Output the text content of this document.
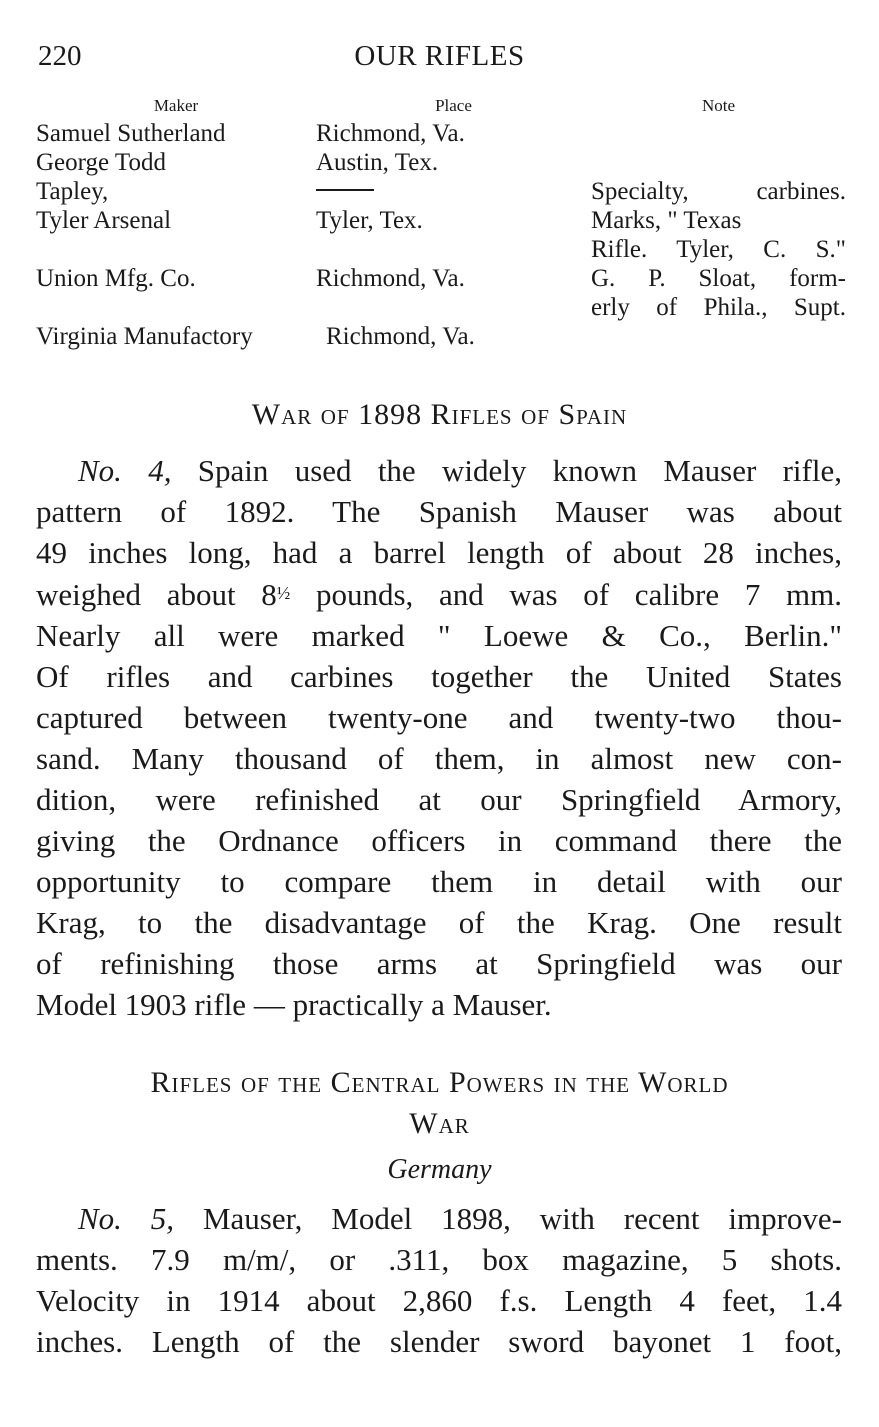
220	OUR RIFLES
Maker	Place	Note
Samuel Sutherland	Richmond, Va.	
George Todd	Austin, Tex.	
Tapley,		Specialty, carbines.

Tyler Arsenal	Tyler, Tex.	Marks, " Texas
Rifle. Tyler, C. S."

Union Mfg. Co.	Richmond, Va.	G. P. Sloat, form-
erly of Phila., Supt.

Virginia Manufactory	Richmond, Va.	
War of 1898 Rifles of Spain

No. 4, Spain used the widely known Mauser rifle,
pattern of 1892. The Spanish Mauser was about
49 inches long, had a barrel length of about 28 inches,
weighed about 8½ pounds, and was of calibre 7 mm.
Nearly all were marked " Loewe & Co., Berlin."
Of rifles and carbines together the United States
captured between twenty-one and twenty-two thou-
sand. Many thousand of them, in almost new con-
dition, were refinished at our Springfield Armory,
giving the Ordnance officers in command there the
opportunity to compare them in detail with our
Krag, to the disadvantage of the Krag. One result
of refinishing those arms at Springfield was our
Model 1903 rifle — practically a Mauser.

Rifles of the Central Powers in the World
War
Germany

No. 5, Mauser, Model 1898, with recent improve-
ments. 7.9 m/m/, or .311, box magazine, 5 shots.
Velocity in 1914 about 2,860 f.s. Length 4 feet, 1.4
inches. Length of the slender sword bayonet 1 foot,
